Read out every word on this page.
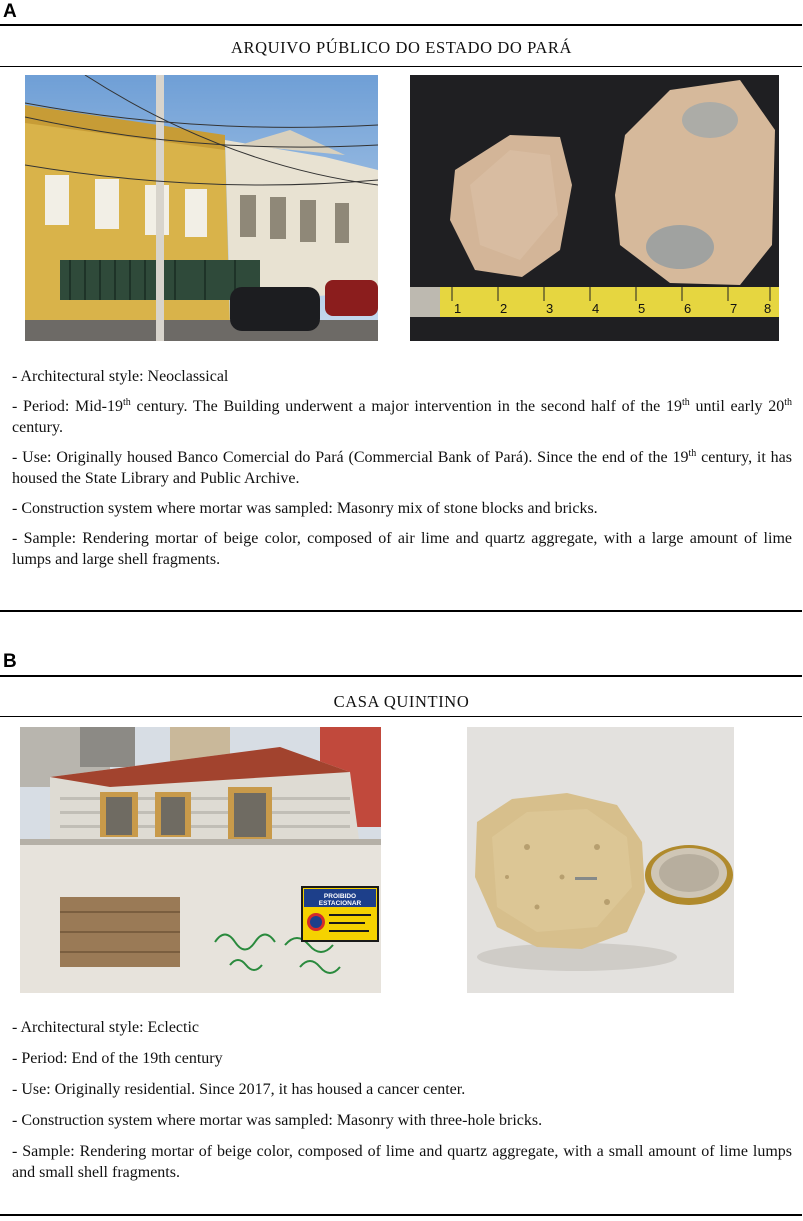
A
ARQUIVO PÚBLICO DO ESTADO DO PARÁ
1	2	3	4	5	6	7 8

- Architectural style: Neoclassical

- Period: Mid-19th century. The Building underwent a major intervention in the second half of the 19th until early 20th century.

- Use: Originally housed Banco Comercial do Pará (Commercial Bank of Pará). Since the end of the 19th century, it has housed the State Library and Public Archive.

- Construction system where mortar was sampled: Masonry mix of stone blocks and bricks.

- Sample: Rendering mortar of beige color, composed of air lime and quartz aggregate, with a large amount of lime lumps and large shell fragments.

B
CASA QUINTINO
PROIBIDO
ESTACIONAR

- Architectural style: Eclectic

- Period: End of the 19th century

- Use: Originally residential. Since 2017, it has housed a cancer center.

- Construction system where mortar was sampled: Masonry with three-hole bricks.

- Sample: Rendering mortar of beige color, composed of lime and quartz aggregate, with a small amount of lime lumps and small shell fragments.
